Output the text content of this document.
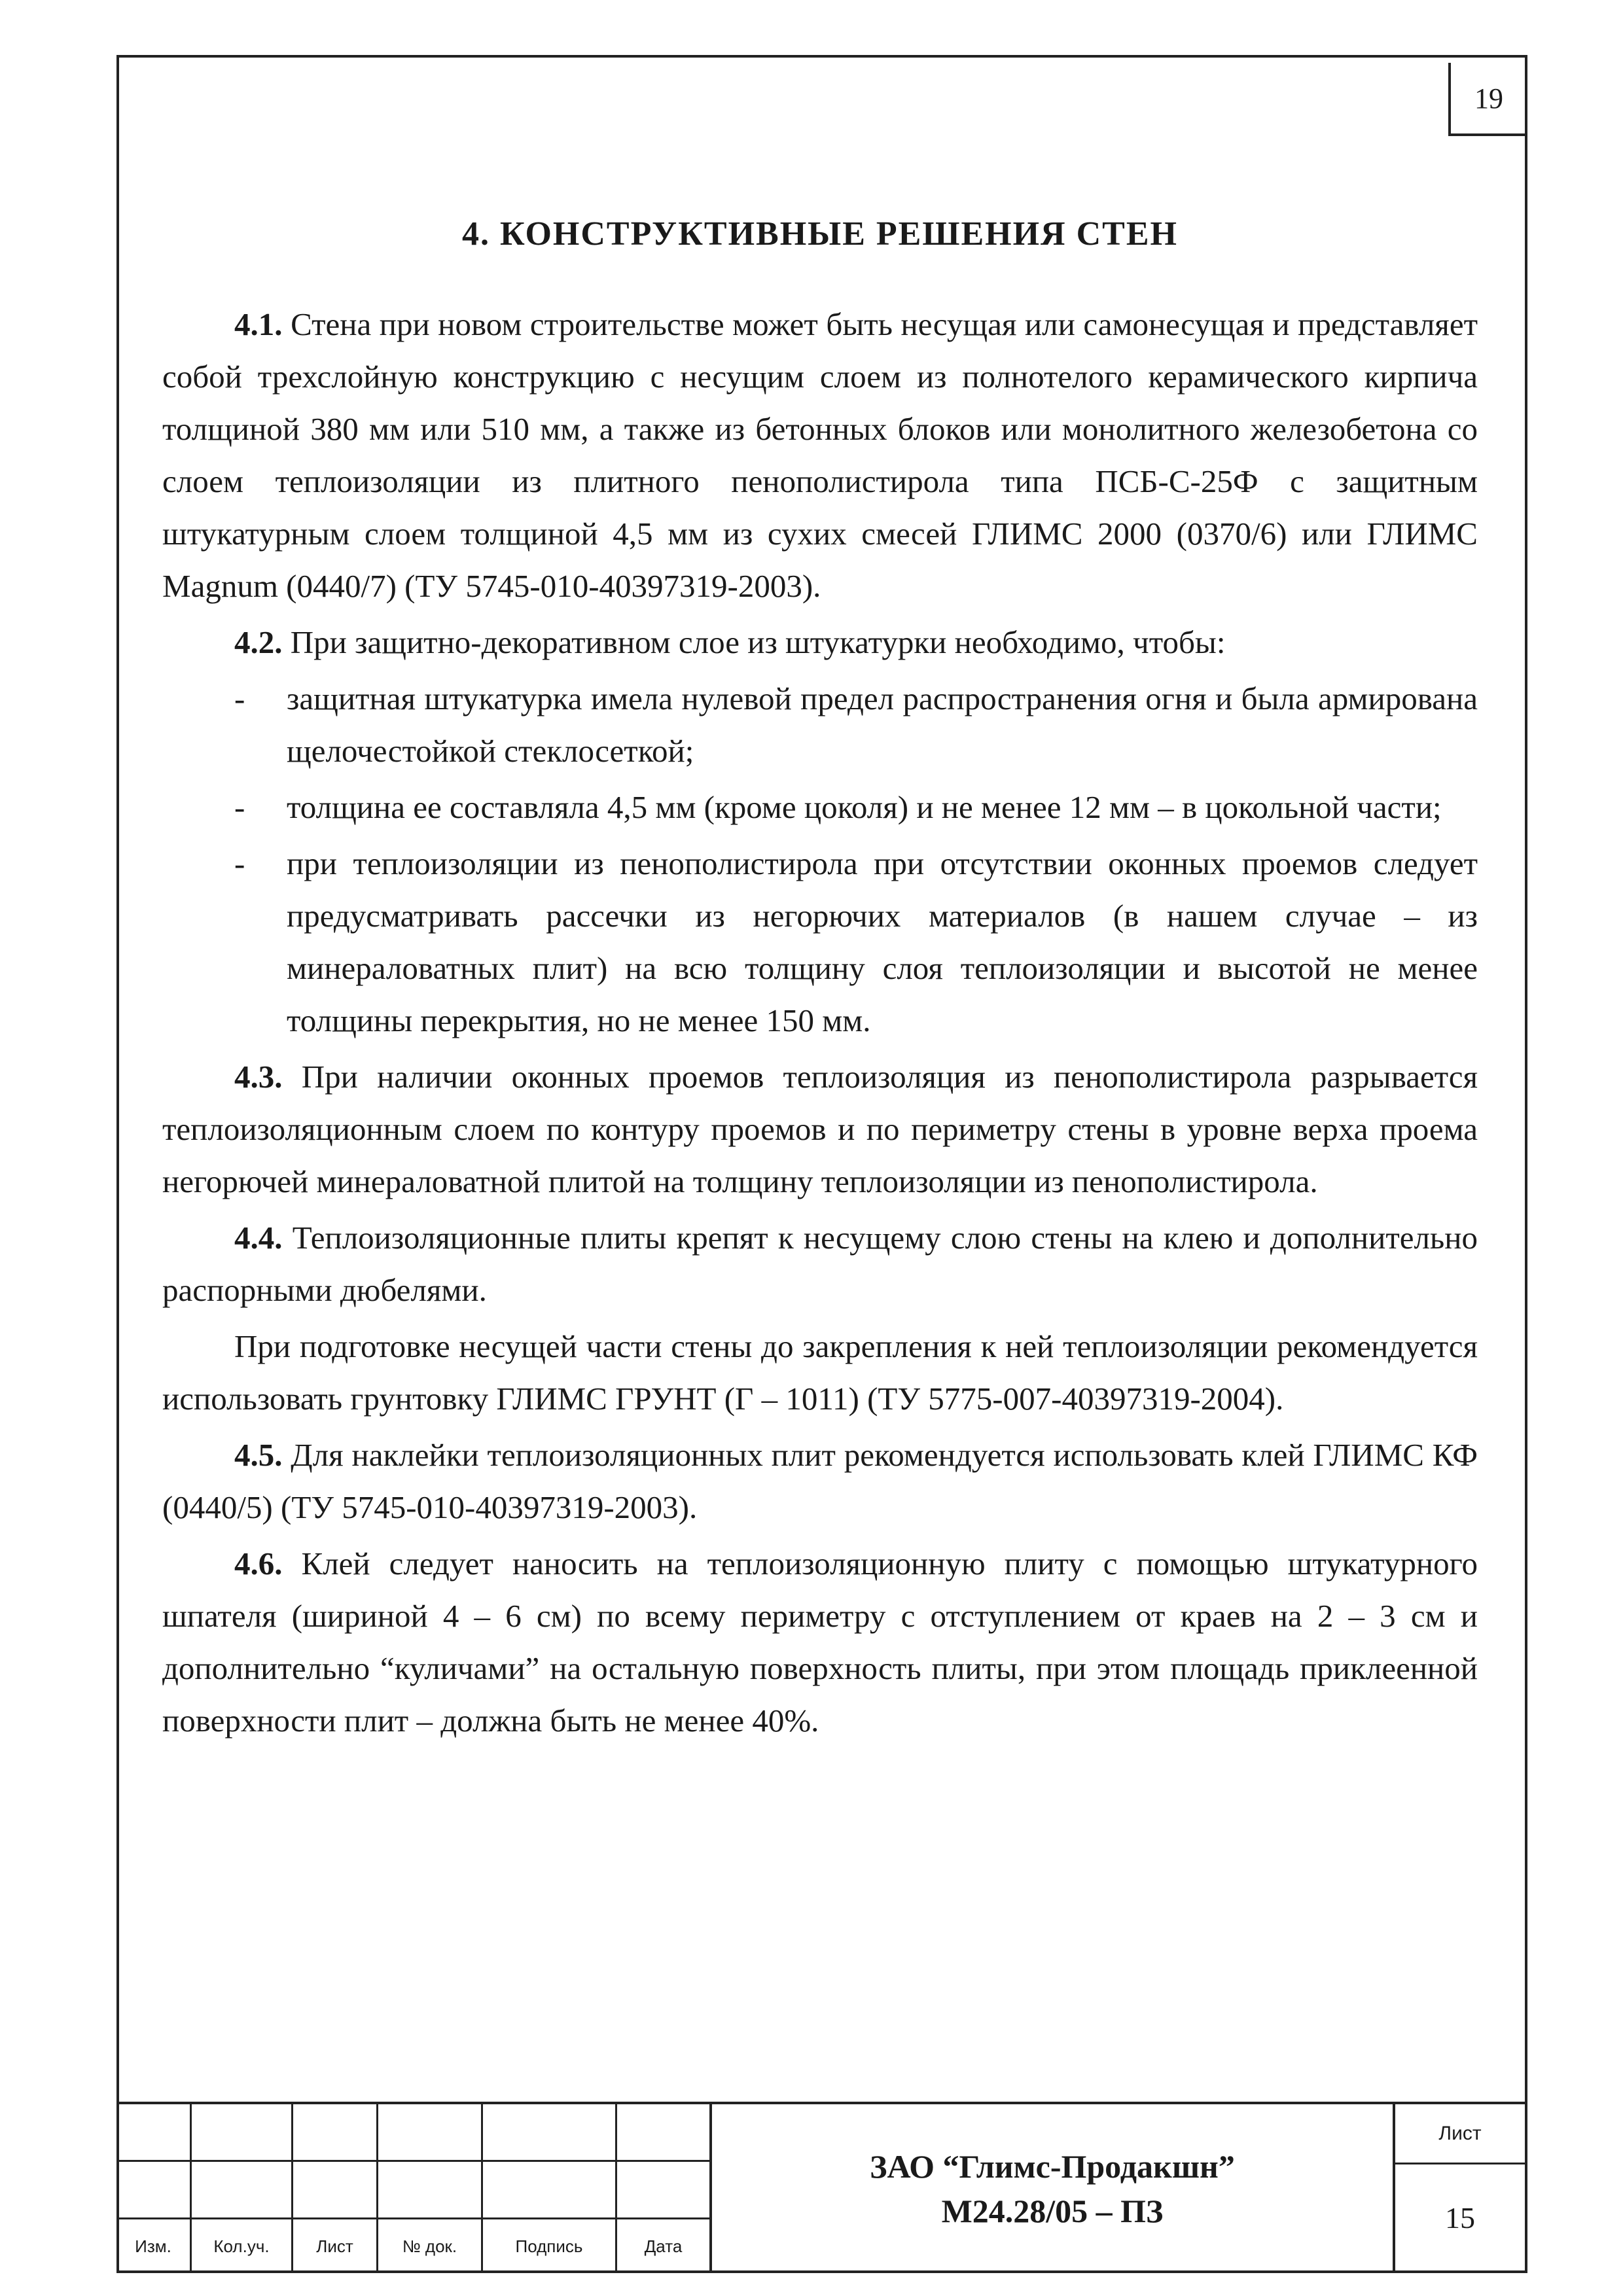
19
4. КОНСТРУКТИВНЫЕ РЕШЕНИЯ СТЕН

4.1. Стена при новом строительстве может быть несущая или самонесущая и представляет собой трехслойную конструкцию с несущим слоем из полнотелого керамического кирпича толщиной 380 мм или 510 мм, а также из бетонных блоков или монолитного железобетона со слоем теплоизоляции из плитного пенополистирола типа ПСБ-С-25Ф с защитным штукатурным слоем толщиной 4,5 мм из сухих смесей ГЛИМС 2000 (0370/6) или ГЛИМС Magnum (0440/7) (ТУ 5745-010-40397319-2003).

4.2. При защитно-декоративном слое из штукатурки необходимо, чтобы:

- защитная штукатурка имела нулевой предел распространения огня и была армирована щелочестойкой стеклосеткой;
- толщина ее составляла 4,5 мм (кроме цоколя) и не менее 12 мм – в цокольной части;
- при теплоизоляции из пенополистирола при отсутствии оконных проемов следует предусматривать рассечки из негорючих материалов (в нашем случае – из минераловатных плит) на всю толщину слоя теплоизоляции и высотой не менее толщины перекрытия, но не менее 150 мм.

4.3. При наличии оконных проемов теплоизоляция из пенополистирола разрывается теплоизоляционным слоем по контуру проемов и по периметру стены в уровне верха проема негорючей минераловатной плитой на толщину теплоизоляции из пенополистирола.

4.4. Теплоизоляционные плиты крепят к несущему слою стены на клею и дополнительно распорными дюбелями.

При подготовке несущей части стены до закрепления к ней теплоизоляции рекомендуется использовать грунтовку ГЛИМС ГРУНТ (Г – 1011) (ТУ 5775-007-40397319-2004).

4.5. Для наклейки теплоизоляционных плит рекомендуется использовать клей ГЛИМС КФ (0440/5) (ТУ 5745-010-40397319-2003).

4.6. Клей следует наносить на теплоизоляционную плиту с помощью штукатурного шпателя (шириной 4 – 6 см) по всему периметру с отступлением от краев на 2 – 3 см и дополнительно “куличами” на остальную поверхность плиты, при этом площадь приклеенной поверхности плит – должна быть не менее 40%.

Изм.	Кол.уч.	Лист	№ док.	Подпись	Дата
ЗАО “Глимс-Продакшн”
М24.28/05 – ПЗ
Лист
15
